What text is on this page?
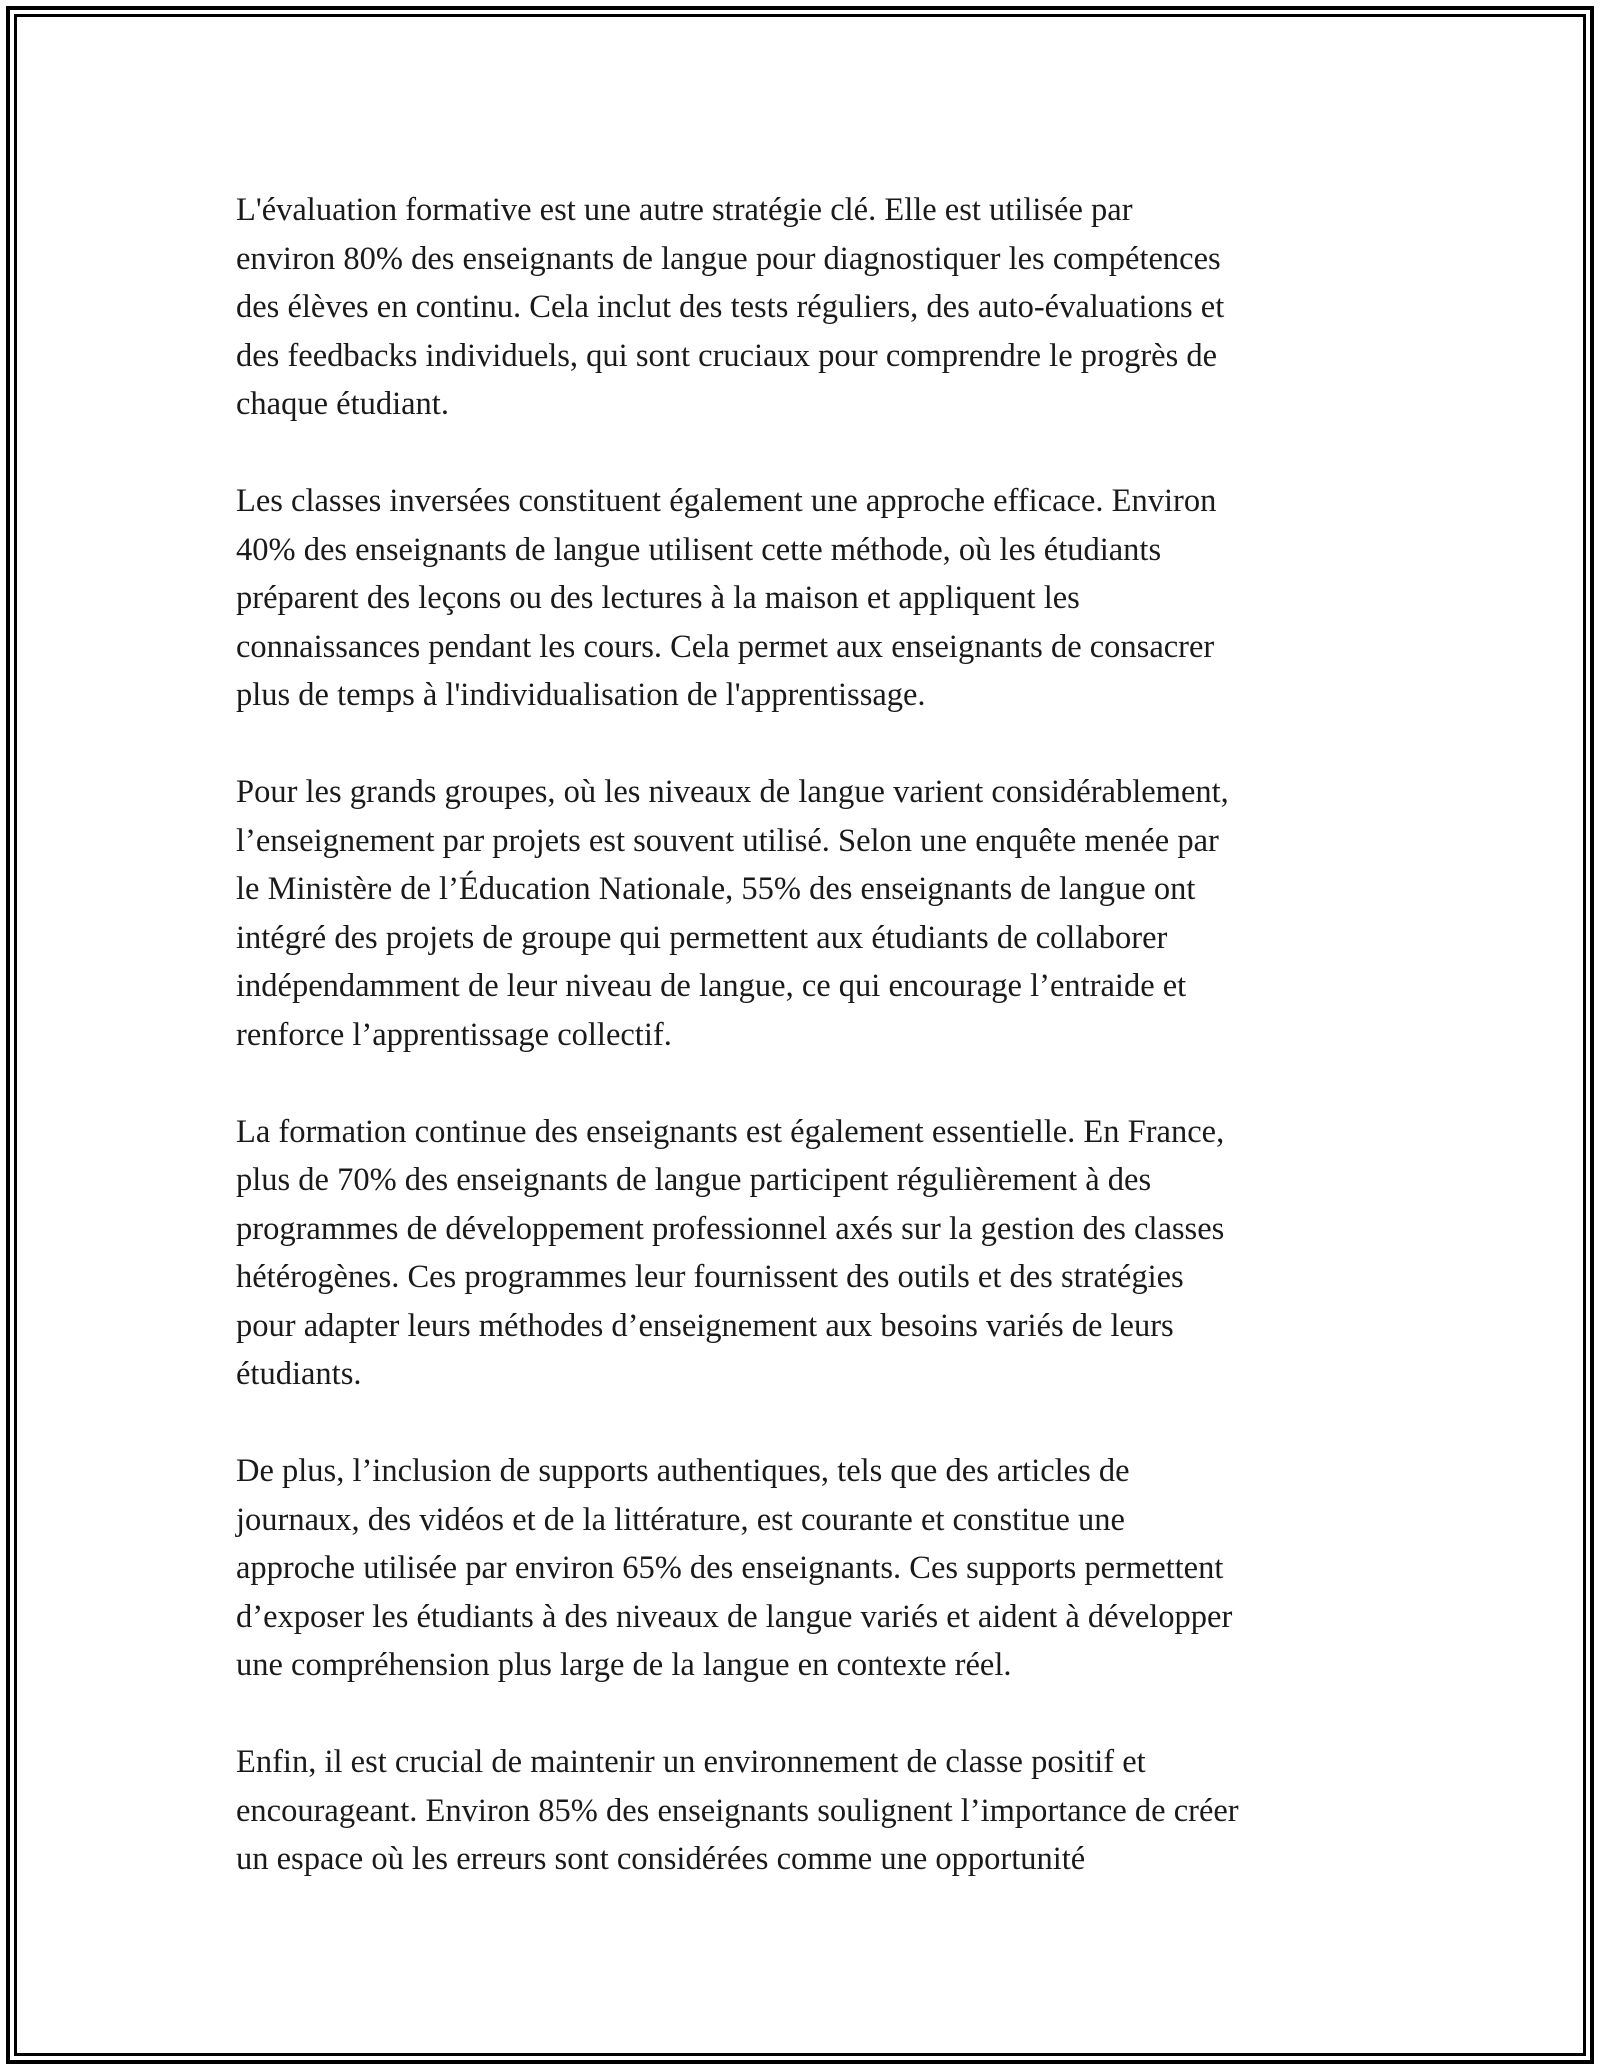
L'évaluation formative est une autre stratégie clé. Elle est utilisée par
environ 80% des enseignants de langue pour diagnostiquer les compétences
des élèves en continu. Cela inclut des tests réguliers, des auto-évaluations et
des feedbacks individuels, qui sont cruciaux pour comprendre le progrès de
chaque étudiant.

Les classes inversées constituent également une approche efficace. Environ
40% des enseignants de langue utilisent cette méthode, où les étudiants
préparent des leçons ou des lectures à la maison et appliquent les
connaissances pendant les cours. Cela permet aux enseignants de consacrer
plus de temps à l'individualisation de l'apprentissage.

Pour les grands groupes, où les niveaux de langue varient considérablement,
l’enseignement par projets est souvent utilisé. Selon une enquête menée par
le Ministère de l’Éducation Nationale, 55% des enseignants de langue ont
intégré des projets de groupe qui permettent aux étudiants de collaborer
indépendamment de leur niveau de langue, ce qui encourage l’entraide et
renforce l’apprentissage collectif.

La formation continue des enseignants est également essentielle. En France,
plus de 70% des enseignants de langue participent régulièrement à des
programmes de développement professionnel axés sur la gestion des classes
hétérogènes. Ces programmes leur fournissent des outils et des stratégies
pour adapter leurs méthodes d’enseignement aux besoins variés de leurs
étudiants.

De plus, l’inclusion de supports authentiques, tels que des articles de
journaux, des vidéos et de la littérature, est courante et constitue une
approche utilisée par environ 65% des enseignants. Ces supports permettent
d’exposer les étudiants à des niveaux de langue variés et aident à développer
une compréhension plus large de la langue en contexte réel.

Enfin, il est crucial de maintenir un environnement de classe positif et
encourageant. Environ 85% des enseignants soulignent l’importance de créer
un espace où les erreurs sont considérées comme une opportunité
